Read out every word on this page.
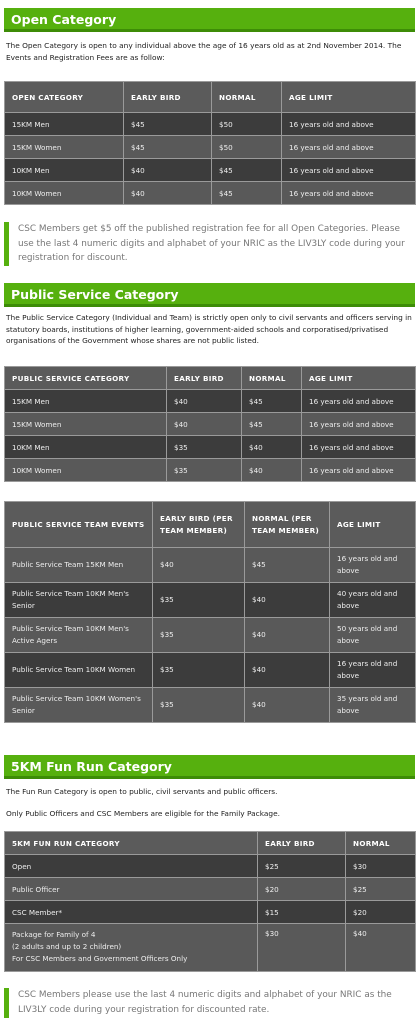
Open Category
The Open Category is open to any individual above the age of 16 years old as at 2nd November 2014. The Events and Registration Fees are as follow:
OPEN CATEGORY	EARLY BIRD	NORMAL	AGE LIMIT
15KM Men	$45	$50	16 years old and above
15KM Women	$45	$50	16 years old and above
10KM Men	$40	$45	16 years old and above
10KM Women	$40	$45	16 years old and above
CSC Members get $5 off the published registration fee for all Open Categories. Please use the last 4 numeric digits and alphabet of your NRIC as the LIV3LY code during your registration for discount.
Public Service Category
The Public Service Category (Individual and Team) is strictly open only to civil servants and officers serving in statutory boards, institutions of higher learning, government-aided schools and corporatised/privatised organisations of the Government whose shares are not public listed.
PUBLIC SERVICE CATEGORY	EARLY BIRD	NORMAL	AGE LIMIT
15KM Men	$40	$45	16 years old and above
15KM Women	$40	$45	16 years old and above
10KM Men	$35	$40	16 years old and above
10KM Women	$35	$40	16 years old and above
PUBLIC SERVICE TEAM EVENTS	EARLY BIRD (PER TEAM MEMBER)	NORMAL (PER TEAM MEMBER)	AGE LIMIT
Public Service Team 15KM Men	$40	$45	16 years old and above
Public Service Team 10KM Men's Senior	$35	$40	40 years old and above
Public Service Team 10KM Men's Active Agers	$35	$40	50 years old and above
Public Service Team 10KM Women	$35	$40	16 years old and above
Public Service Team 10KM Women's Senior	$35	$40	35 years old and above
5KM Fun Run Category
The Fun Run Category is open to public, civil servants and public officers.
Only Public Officers and CSC Members are eligible for the Family Package.
5KM FUN RUN CATEGORY	EARLY BIRD	NORMAL
Open	$25	$30
Public Officer	$20	$25
CSC Member*	$15	$20

Package for Family of 4
(2 adults and up to 2 children)
For CSC Members and Government Officers Only	$30	$40
CSC Members please use the last 4 numeric digits and alphabet of your NRIC as the LIV3LY code during your registration for discounted rate.
